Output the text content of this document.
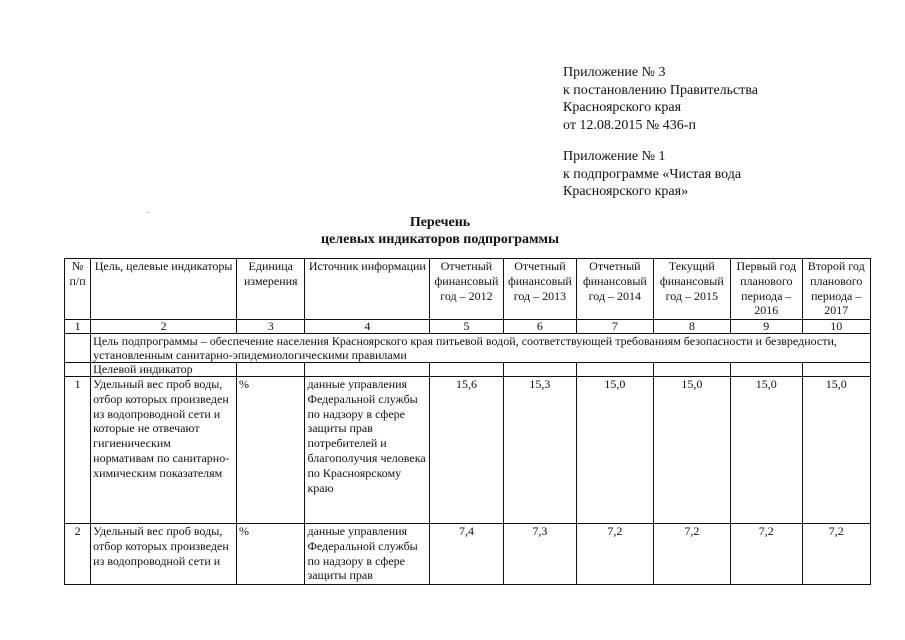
Приложение № 3
к постановлению Правительства
Красноярского края
от 12.08.2015 № 436-п
Приложение № 1
к подпрограмме «Чистая вода
Красноярского края»
Перечень
целевых индикаторов подпрограммы
№ п/п	Цель, целевые индикаторы	Единица измерения	Источник информации	Отчетный финансовый год – 2012	Отчетный финансовый год – 2013	Отчетный финансовый год – 2014	Текущий финансовый год – 2015	Первый год планового периода – 2016	Второй год планового периода – 2017
1	2	3	4	5	6	7	8	9	10
	Цель подпрограммы – обеспечение населения Красноярского края питьевой водой, соответствующей требованиям безопасности и безвредности, установленным санитарно-эпидемиологическими правилами								
	Целевой индикатор								
1	Удельный вес проб воды, отбор которых произведен из водопроводной сети и которые не отвечают гигиеническим нормативам по санитарно-химическим показателям	%	данные управления Федеральной службы по надзору в сфере защиты прав потребителей и благополучия человека по Красноярскому краю	15,6	15,3	15,0	15,0	15,0	15,0
2	Удельный вес проб воды, отбор которых произведен из водопроводной сети и	%	данные управления Федеральной службы по надзору в сфере защиты прав	7,4	7,3	7,2	7,2	7,2	7,2
